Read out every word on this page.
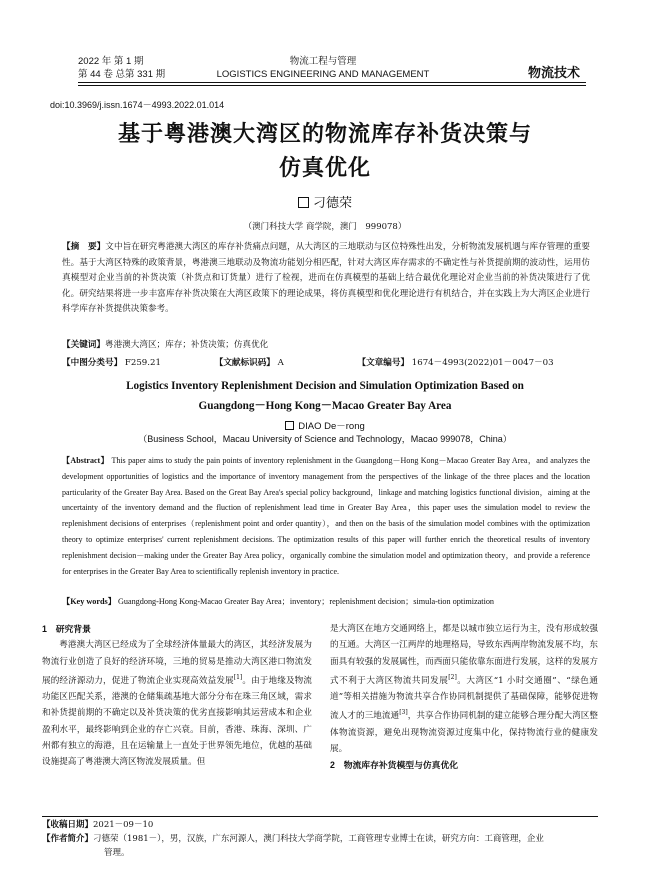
2022 年 第 1 期
第 44 卷 总第 331 期
物流工程与管理
LOGISTICS ENGINEERING AND MANAGEMENT	物流技术
doi:10.3969/j.issn.1674－4993.2022.01.014
基于粤港澳大湾区的物流库存补货决策与
仿真优化
刁德荣
（澳门科技大学 商学院，澳门　999078）
【摘　要】文中旨在研究粤港澳大湾区的库存补货痛点问题，从大湾区的三地联动与区位特殊性出发，分析物流发展机遇与库存管理的重要性。基于大湾区特殊的政策背景，粤港澳三地联动及物流功能划分相匹配，针对大湾区库存需求的不确定性与补货提前期的波动性，运用仿真模型对企业当前的补货决策（补货点和订货量）进行了检视，进而在仿真模型的基础上结合最优化理论对企业当前的补货决策进行了优化。研究结果将进一步丰富库存补货决策在大湾区政策下的理论成果，将仿真模型和优化理论进行有机结合，并在实践上为大湾区企业进行科学库存补货提供决策参考。
【关键词】粤港澳大湾区；库存；补货决策；仿真优化
【中图分类号】 F259.21	【文献标识码】 A	【文章编号】 1674－4993(2022)01－0047－03
Logistics Inventory Replenishment Decision and Simulation Optimization Based on
Guangdong－Hong Kong－Macao Greater Bay Area
DIAO De－rong
（Business School，Macau University of Science and Technology，Macao 999078，China）
【Abstract】 This paper aims to study the pain points of inventory replenishment in the Guangdong－Hong Kong－Macao Greater Bay Area，and analyzes the development opportunities of logistics and the importance of inventory management from the perspectives of the linkage of the three places and the location particularity of the Greater Bay Area. Based on the Great Bay Area's special policy background，linkage and matching logistics functional division，aiming at the uncertainty of the inventory demand and the fluction of replenishment lead time in Greater Bay Area，this paper uses the simulation model to review the replenishment decisions of enterprises（replenishment point and order quantity），and then on the basis of the simulation model combines with the optimization theory to optimize enterprises' current replenishment decisions. The optimization results of this paper will further enrich the theoretical results of inventory replenishment decision－making under the Greater Bay Area policy，organically combine the simulation model and optimization theory，and provide a reference for enterprises in the Greater Bay Area to scientifically replenish inventory in practice.
【Key words】 Guangdong-Hong Kong-Macao Greater Bay Area；inventory；replenishment decision；simula-tion optimization
1　研究背景
粤港澳大湾区已经成为了全球经济体量最大的湾区，其经济发展为物流行业创造了良好的经济环境，三地的贸易是推动大湾区港口物流发展的经济源动力，促进了物流企业实现高效益发展[1]。由于地缘及物流功能区匹配关系，港澳的仓储集疏基地大部分分布在珠三角区域，需求和补货提前期的不确定以及补货决策的优劣直接影响其运营成本和企业盈利水平，最终影响到企业的存亡兴衰。目前，香港、珠海、深圳、广州都有独立的海港，且在运输量上一直处于世界领先地位，优越的基础设施提高了粤港澳大湾区物流发展质量。但
是大湾区在地方交通网络上，都是以城市独立运行为主，没有形成较强的互通。大湾区一江两岸的地理格局，导致东西两岸物流发展不均，东面具有较强的发展属性，而西面只能依靠东面进行发展，这样的发展方式不利于大湾区物流共同发展[2]。大湾区“1 小时交通圈”、“绿色通道”等相关措施为物流共享合作协同机制提供了基础保障，能够促进物流人才的三地流通[3]，共享合作协同机制的建立能够合理分配大湾区整体物流资源，避免出现物流资源过度集中化，保持物流行业的健康发展。
2　物流库存补货模型与仿真优化
【收稿日期】2021－09－10
【作者简介】刁德荣（1981－），男，汉族，广东河源人，澳门科技大学商学院，工商管理专业博士在读，研究方向：工商管理，企业
管理。
